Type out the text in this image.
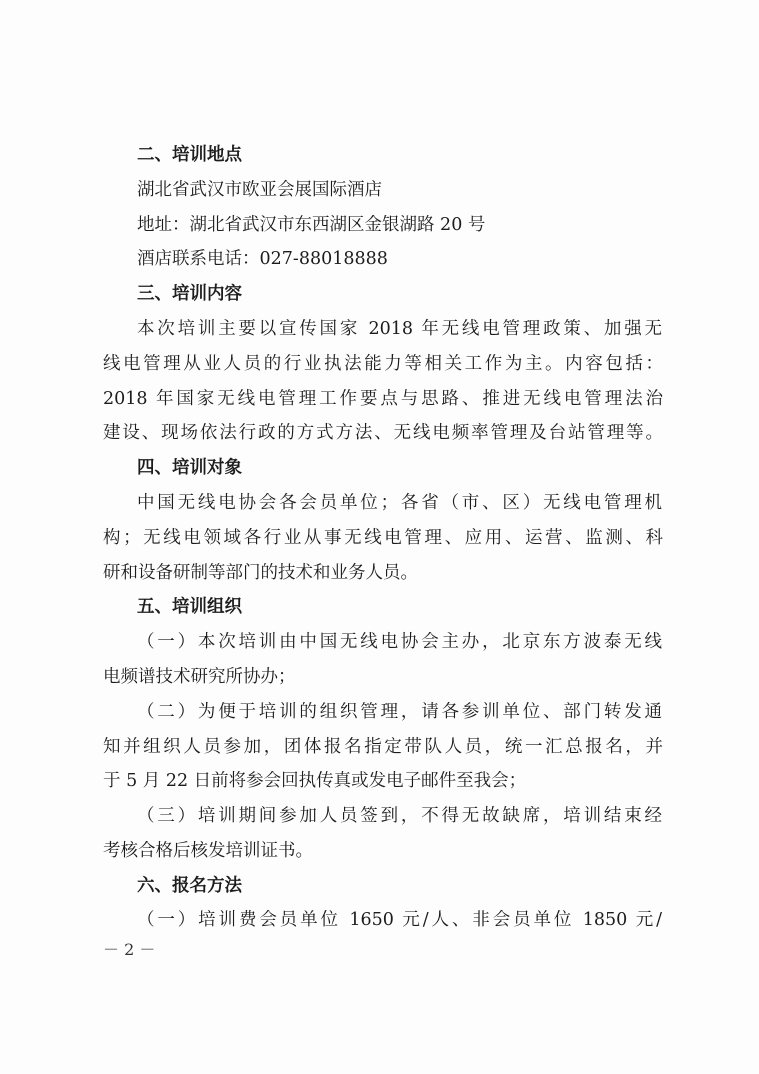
二、培训地点
湖北省武汉市欧亚会展国际酒店
地址：湖北省武汉市东西湖区金银湖路 20 号
酒店联系电话：027-88018888
三、培训内容
本次培训主要以宣传国家 2018 年无线电管理政策、加强无
线电管理从业人员的行业执法能力等相关工作为主。内容包括：
2018 年国家无线电管理工作要点与思路、推进无线电管理法治
建设、现场依法行政的方式方法、无线电频率管理及台站管理等。
四、培训对象
中国无线电协会各会员单位；各省（市、区）无线电管理机
构；无线电领域各行业从事无线电管理、应用、运营、监测、科
研和设备研制等部门的技术和业务人员。
五、培训组织
（一）本次培训由中国无线电协会主办，北京东方波泰无线
电频谱技术研究所协办；
（二）为便于培训的组织管理，请各参训单位、部门转发通
知并组织人员参加，团体报名指定带队人员，统一汇总报名，并
于 5 月 22 日前将参会回执传真或发电子邮件至我会；
（三）培训期间参加人员签到，不得无故缺席，培训结束经
考核合格后核发培训证书。
六、报名方法
（一）培训费会员单位 1650 元/人、非会员单位 1850 元/
－ 2 －
